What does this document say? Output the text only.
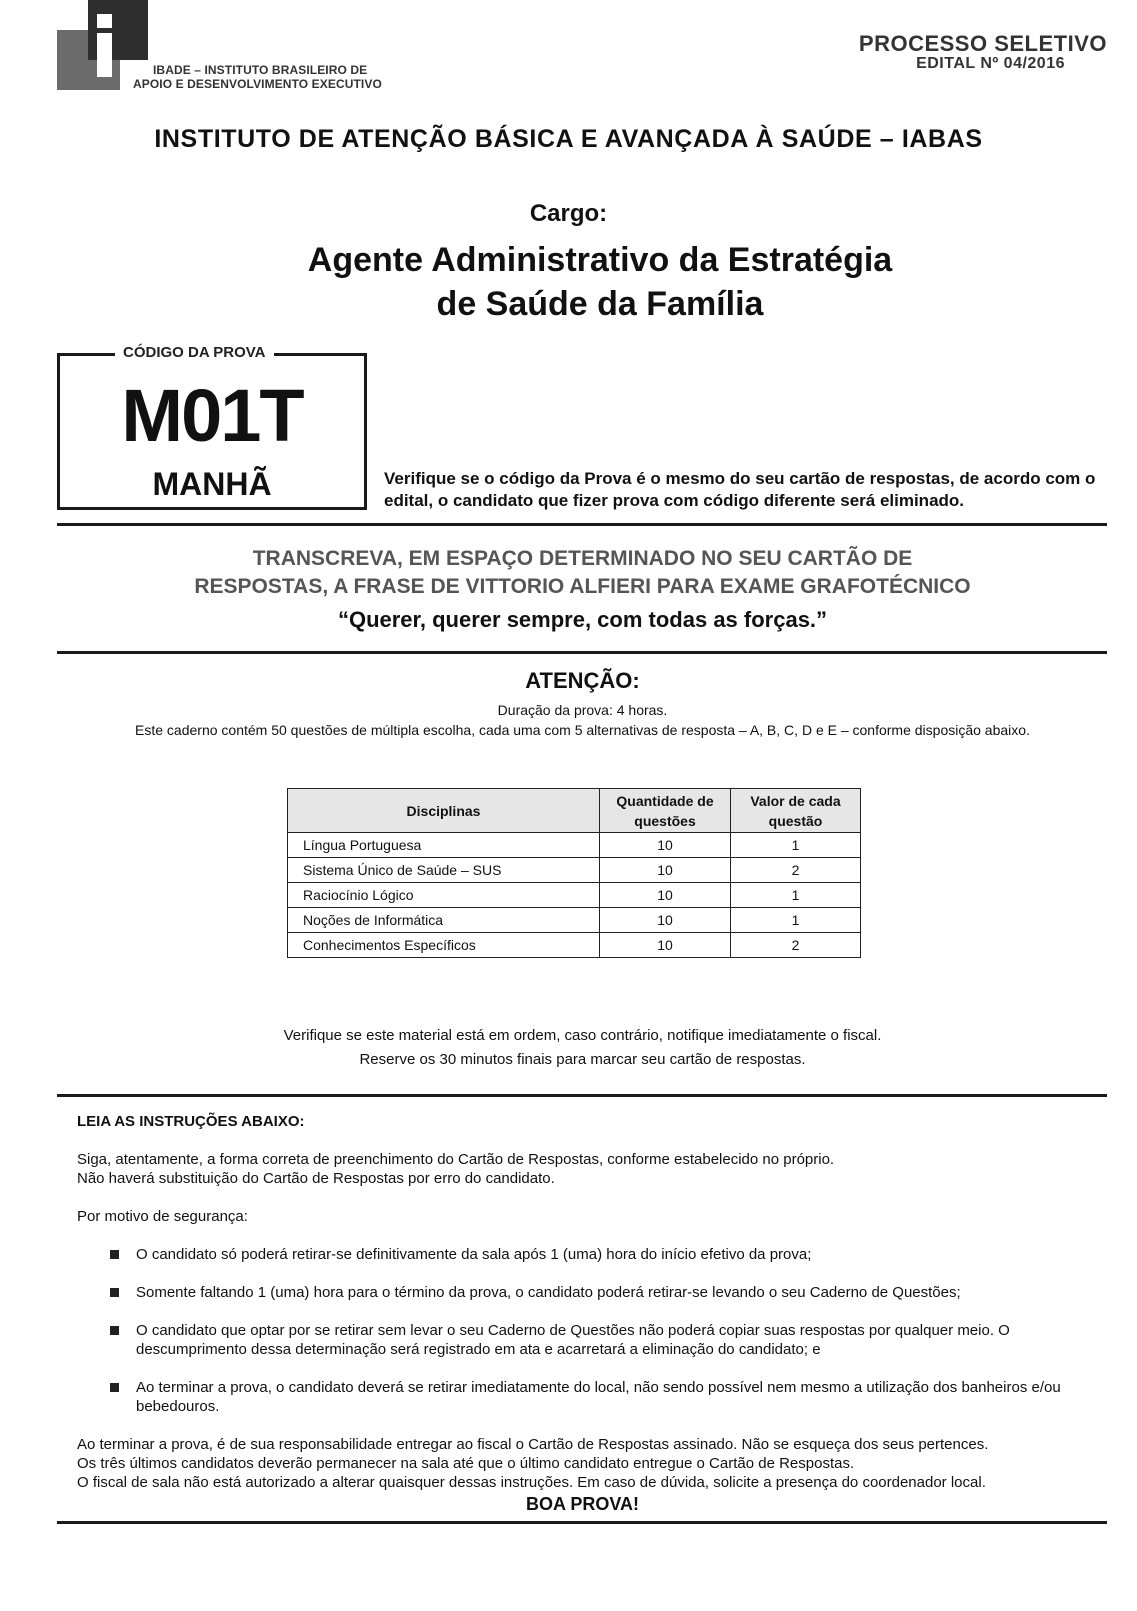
IBADE – INSTITUTO BRASILEIRO DE
APOIO E DESENVOLVIMENTO EXECUTIVO
PROCESSO SELETIVO
EDITAL Nº 04/2016
INSTITUTO DE ATENÇÃO BÁSICA E AVANÇADA À SAÚDE – IABAS
Cargo:
Agente Administrativo da Estratégia
de Saúde da Família
CÓDIGO DA PROVA
M01T
MANHÃ	Verifique se o código da Prova é o mesmo do seu cartão de respostas, de acordo com o edital, o candidato que fizer prova com código diferente será eliminado.
TRANSCREVA, EM ESPAÇO DETERMINADO NO SEU CARTÃO DE
RESPOSTAS, A FRASE DE VITTORIO ALFIERI PARA EXAME GRAFOTÉCNICO
“Querer, querer sempre, com todas as forças.”
ATENÇÃO:
Duração da prova: 4 horas.
Este caderno contém 50 questões de múltipla escolha, cada uma com 5 alternativas de resposta – A, B, C, D e E – conforme disposição abaixo.
Disciplinas	Quantidade de questões	Valor de cada questão
Língua Portuguesa	10	1
Sistema Único de Saúde – SUS	10	2
Raciocínio Lógico	10	1
Noções de Informática	10	1
Conhecimentos Específicos	10	2
Verifique se este material está em ordem, caso contrário, notifique imediatamente o fiscal.
Reserve os 30 minutos finais para marcar seu cartão de respostas.
LEIA AS INSTRUÇÕES ABAIXO:

Siga, atentamente, a forma correta de preenchimento do Cartão de Respostas, conforme estabelecido no próprio.
Não haverá substituição do Cartão de Respostas por erro do candidato.

Por motivo de segurança:

O candidato só poderá retirar-se definitivamente da sala após 1 (uma) hora do início efetivo da prova;
Somente faltando 1 (uma) hora para o término da prova, o candidato poderá retirar-se levando o seu Caderno de Questões;
O candidato que optar por se retirar sem levar o seu Caderno de Questões não poderá copiar suas respostas por qualquer meio. O descumprimento dessa determinação será registrado em ata e acarretará a eliminação do candidato; e
Ao terminar a prova, o candidato deverá se retirar imediatamente do local, não sendo possível nem mesmo a utilização dos banheiros e/ou bebedouros.

Ao terminar a prova, é de sua responsabilidade entregar ao fiscal o Cartão de Respostas assinado. Não se esqueça dos seus pertences.
Os três últimos candidatos deverão permanecer na sala até que o último candidato entregue o Cartão de Respostas.
O fiscal de sala não está autorizado a alterar quaisquer dessas instruções. Em caso de dúvida, solicite a presença do coordenador local.

BOA PROVA!
